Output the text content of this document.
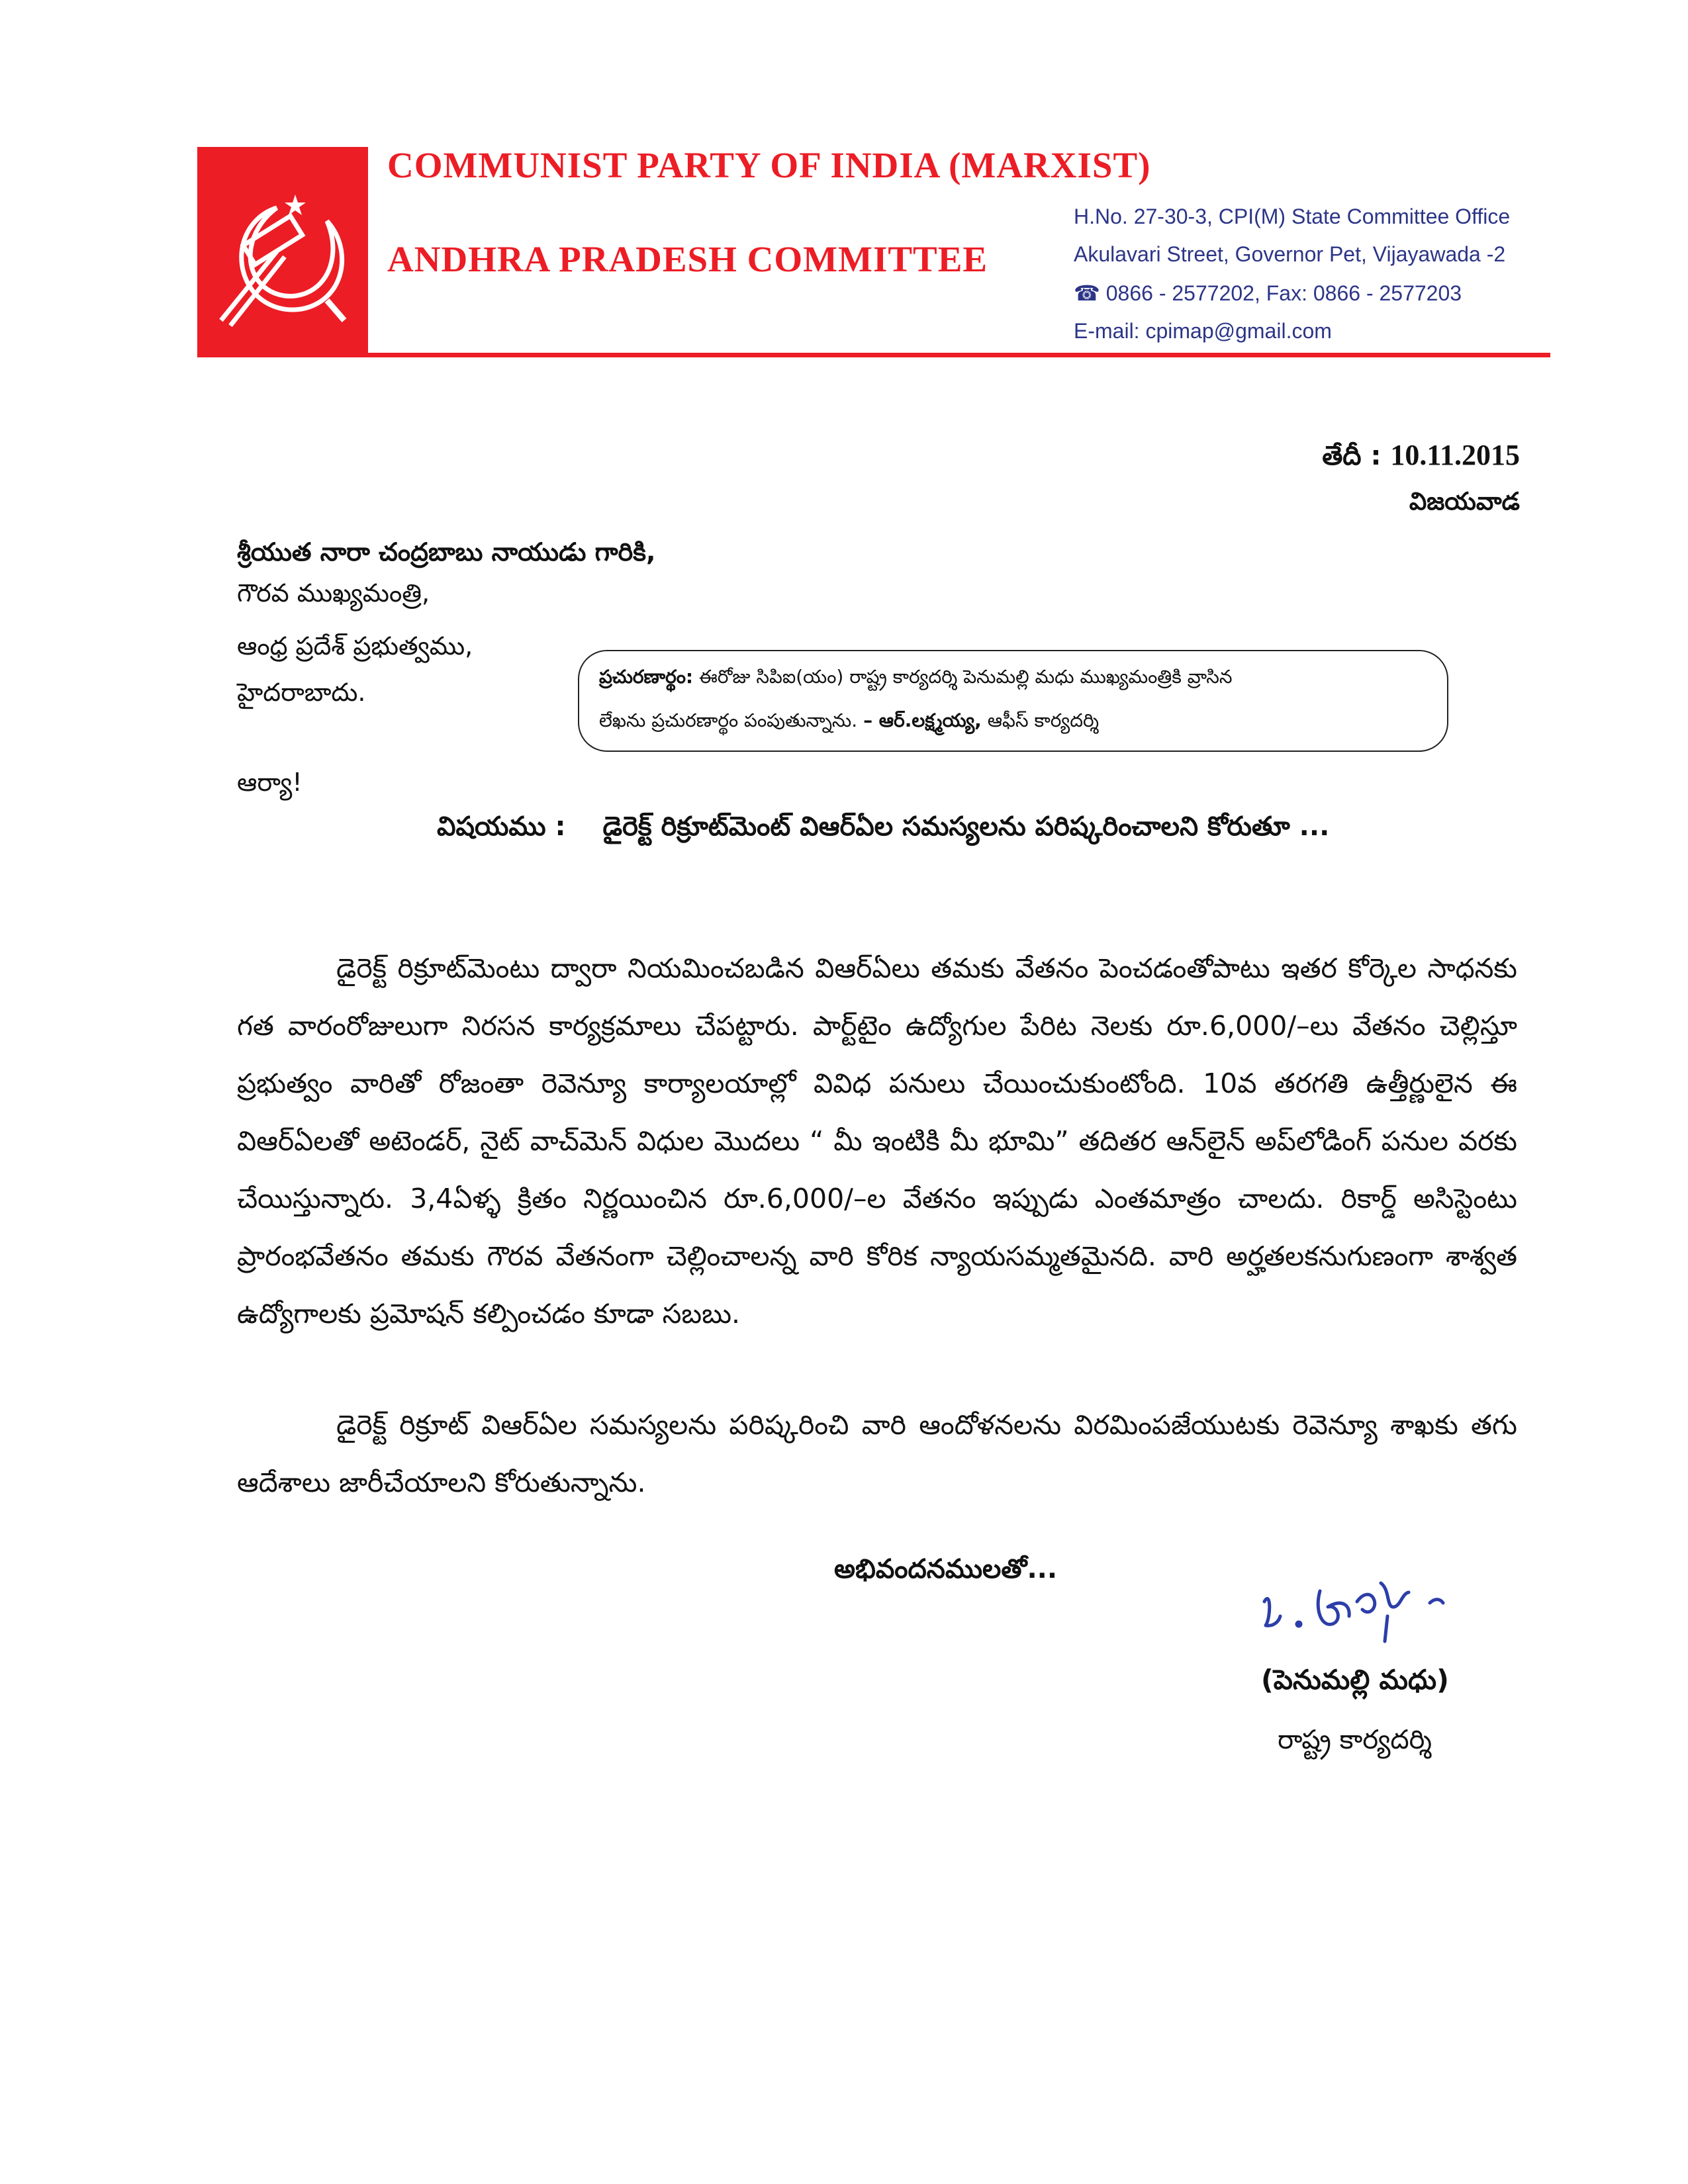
COMMUNIST PARTY OF INDIA (MARXIST)
ANDHRA PRADESH COMMITTEE
H.No. 27-30-3, CPI(M) State Committee Office
Akulavari Street, Governor Pet, Vijayawada -2
☎ 0866 - 2577202, Fax: 0866 - 2577203
E-mail: cpimap@gmail.com
తేదీ : 10.11.2015
విజయవాడ
శ్రీయుత నారా చంద్రబాబు నాయుడు గారికి,
గౌరవ ముఖ్యమంత్రి,
ఆంధ్ర ప్రదేశ్ ప్రభుత్వము,
హైదరాబాదు.
ప్రచురణార్థం: ఈరోజు సిపిఐ(యం) రాష్ట్ర కార్యదర్శి పెనుమల్లి మధు ముఖ్యమంత్రికి వ్రాసిన
లేఖను ప్రచురణార్థం పంపుతున్నాను. – ఆర్.లక్ష్మయ్య, ఆఫీస్ కార్యదర్శి
ఆర్యా!
విషయము : డైరెక్ట్ రిక్రూట్‌మెంట్ విఆర్ఏల సమస్యలను పరిష్కరించాలని కోరుతూ ...
డైరెక్ట్ రిక్రూట్‌మెంటు ద్వారా నియమించబడిన విఆర్ఏలు తమకు వేతనం పెంచడంతోపాటు ఇతర కోర్కెల సాధనకు గత వారంరోజులుగా నిరసన కార్యక్రమాలు చేపట్టారు. పార్ట్‌టైం ఉద్యోగుల పేరిట నెలకు రూ.6,000/–లు వేతనం చెల్లిస్తూ ప్రభుత్వం వారితో రోజంతా రెవెన్యూ కార్యాలయాల్లో వివిధ పనులు చేయించుకుంటోంది. 10వ తరగతి ఉత్తీర్ణులైన ఈ విఆర్ఏలతో అటెండర్, నైట్ వాచ్‌మెన్ విధుల మొదలు “ మీ ఇంటికి మీ భూమి” తదితర ఆన్‌లైన్ అప్‌లోడింగ్ పనుల వరకు చేయిస్తున్నారు. 3,4ఏళ్ళ క్రితం నిర్ణయించిన రూ.6,000/–ల వేతనం ఇప్పుడు ఎంతమాత్రం చాలదు. రికార్డ్ అసిస్టెంటు ప్రారంభవేతనం తమకు గౌరవ వేతనంగా చెల్లించాలన్న వారి కోరిక న్యాయసమ్మతమైనది. వారి అర్హతలకనుగుణంగా శాశ్వత ఉద్యోగాలకు ప్రమోషన్ కల్పించడం కూడా సబబు.
డైరెక్ట్ రిక్రూట్ విఆర్ఏల సమస్యలను పరిష్కరించి వారి ఆందోళనలను విరమింపజేయుటకు రెవెన్యూ శాఖకు తగు ఆదేశాలు జారీచేయాలని కోరుతున్నాను.
అభివందనములతో...
(పెనుమల్లి మధు)
రాష్ట్ర కార్యదర్శి
